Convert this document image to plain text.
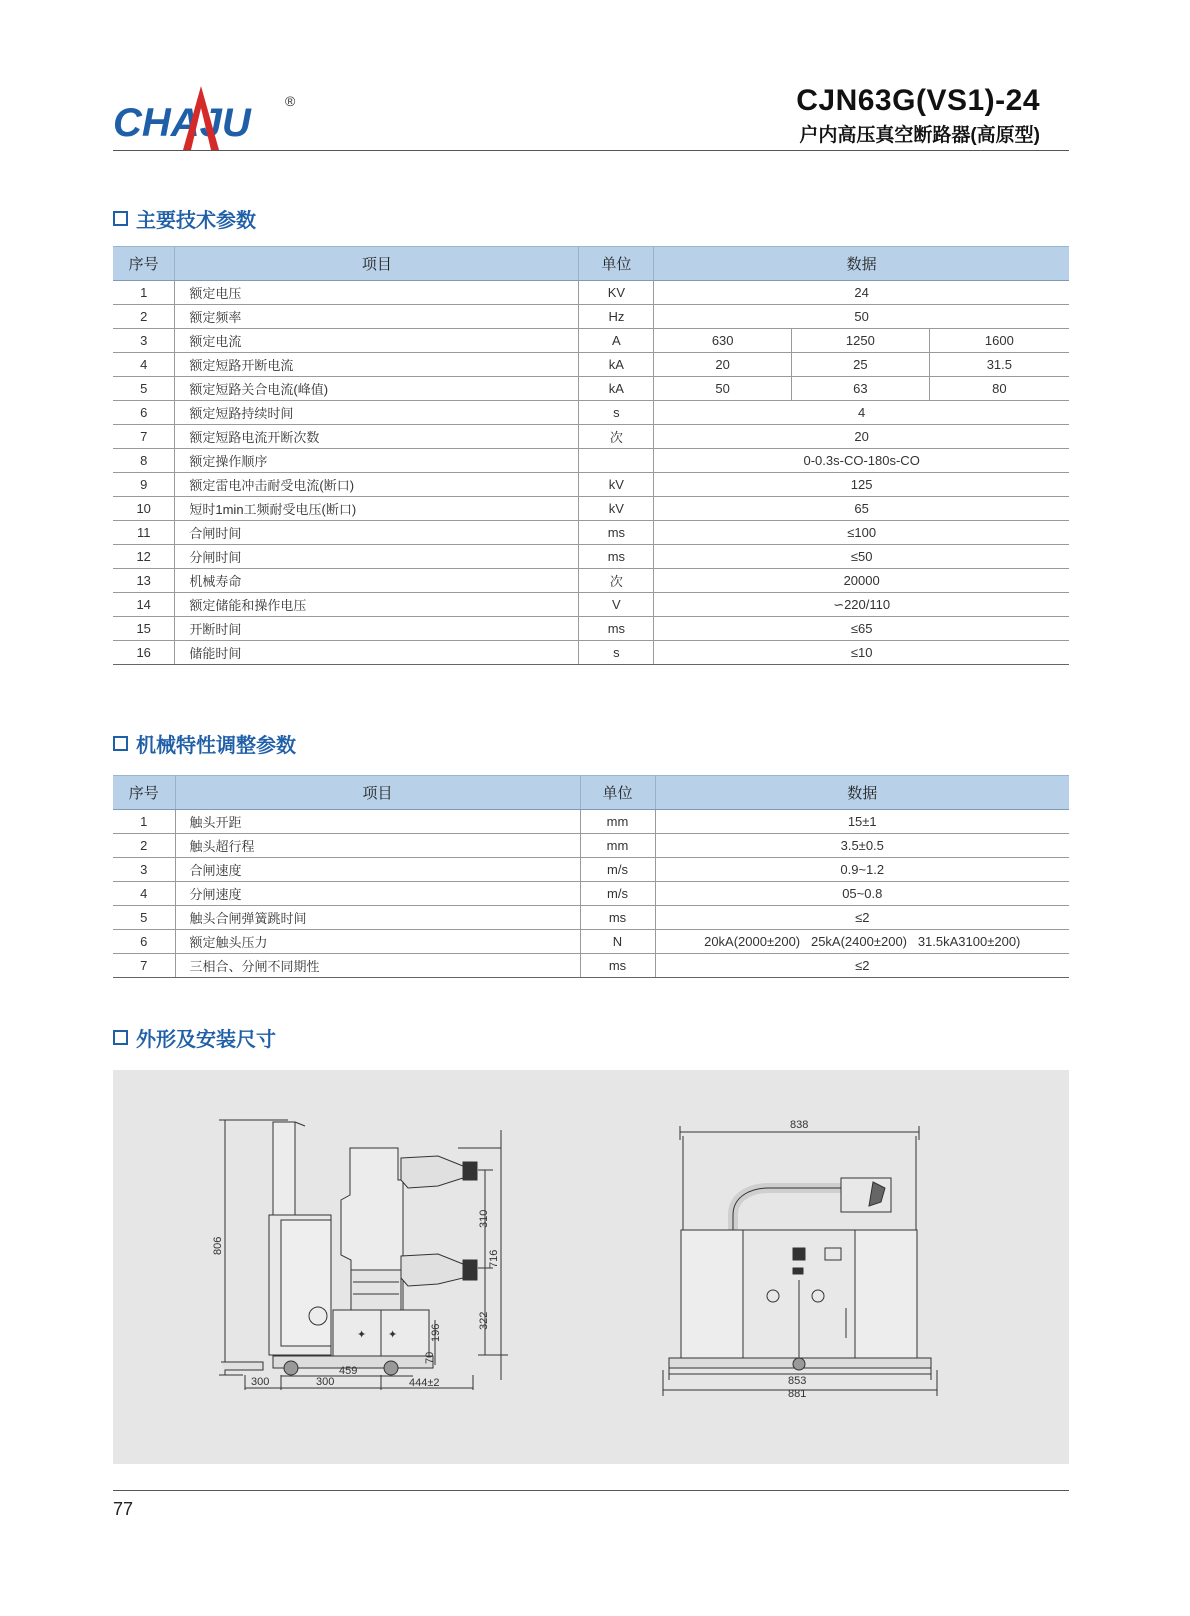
CHAJU ®	CJN63G(VS1)-24
户内高压真空断路器(高原型)
主要技术参数
序号	项目	单位	数据		
1	额定电压	KV	24		
2	额定频率	Hz	50		
3	额定电流	A	630	1250	1600
4	额定短路开断电流	kA	20	25	31.5
5	额定短路关合电流(峰值)	kA	50	63	80
6	额定短路持续时间	s	4		
7	额定短路电流开断次数	次	20		
8	额定操作顺序		0-0.3s-CO-180s-CO		
9	额定雷电冲击耐受电流(断口)	kV	125		
10	短时1min工频耐受电压(断口)	kV	65		
11	合闸时间	ms	≤100		
12	分闸时间	ms	≤50		
13	机械寿命	次	20000		
14	额定储能和操作电压	V	∽220/110		
15	开断时间	ms	≤65		
16	储能时间	s	≤10		
机械特性调整参数
序号	项目	单位	数据
1	触头开距	mm	15±1
2	触头超行程	mm	3.5±0.5
3	合闸速度	m/s	0.9~1.2
4	分闸速度	m/s	05~0.8
5	触头合闸弹簧跳时间	ms	≤2
6	额定触头压力	N	20kA(2000±200)   25kA(2400±200)   31.5kA3100±200)
7	三相合、分闸不同期性	ms	≤2
外形及安装尺寸
✦ ✦
806
310
716
322
196
70
300	300
459
444±2
838
853
881
77
